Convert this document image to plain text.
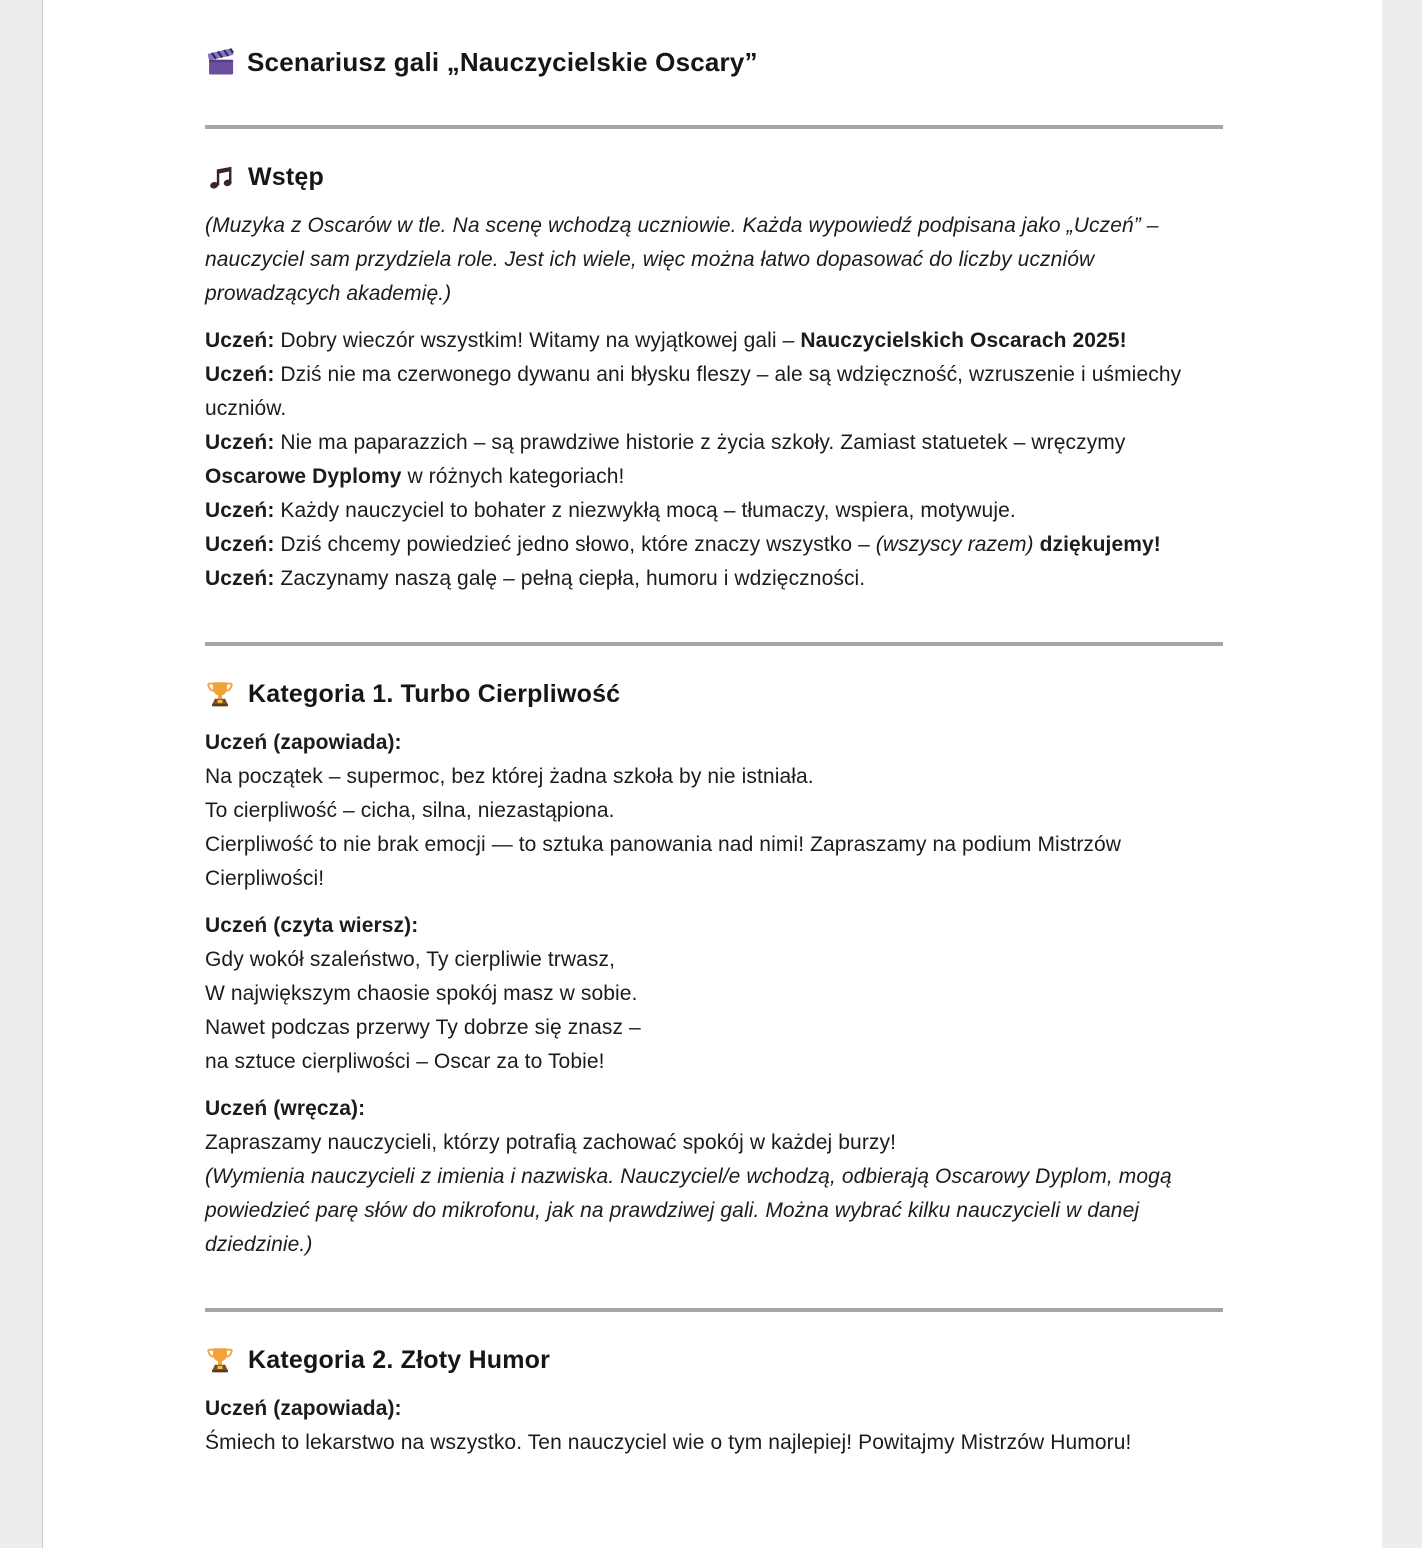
Scenariusz gali „Nauczycielskie Oscary”
Wstęp

(Muzyka z Oscarów w tle. Na scenę wchodzą uczniowie. Każda wypowiedź podpisana jako „Uczeń” – nauczyciel sam przydziela role. Jest ich wiele, więc można łatwo dopasować do liczby uczniów prowadzących akademię.)

Uczeń: Dobry wieczór wszystkim! Witamy na wyjątkowej gali – Nauczycielskich Oscarach 2025!

Uczeń: Dziś nie ma czerwonego dywanu ani błysku fleszy – ale są wdzięczność, wzruszenie i uśmiechy uczniów.

Uczeń: Nie ma paparazzich – są prawdziwe historie z życia szkoły. Zamiast statuetek – wręczymy Oscarowe Dyplomy w różnych kategoriach!

Uczeń: Każdy nauczyciel to bohater z niezwykłą mocą – tłumaczy, wspiera, motywuje.

Uczeń: Dziś chcemy powiedzieć jedno słowo, które znaczy wszystko – (wszyscy razem) dziękujemy!

Uczeń: Zaczynamy naszą galę – pełną ciepła, humoru i wdzięczności.

Kategoria 1. Turbo Cierpliwość

Uczeń (zapowiada):

Na początek – supermoc, bez której żadna szkoła by nie istniała.

To cierpliwość – cicha, silna, niezastąpiona.

Cierpliwość to nie brak emocji — to sztuka panowania nad nimi! Zapraszamy na podium Mistrzów Cierpliwości!

Uczeń (czyta wiersz):

Gdy wokół szaleństwo, Ty cierpliwie trwasz,

W największym chaosie spokój masz w sobie.

Nawet podczas przerwy Ty dobrze się znasz –

na sztuce cierpliwości – Oscar za to Tobie!

Uczeń (wręcza):

Zapraszamy nauczycieli, którzy potrafią zachować spokój w każdej burzy!

(Wymienia nauczycieli z imienia i nazwiska. Nauczyciel/e wchodzą, odbierają Oscarowy Dyplom, mogą powiedzieć parę słów do mikrofonu, jak na prawdziwej gali. Można wybrać kilku nauczycieli w danej dziedzinie.)

Kategoria 2. Złoty Humor

Uczeń (zapowiada):

Śmiech to lekarstwo na wszystko. Ten nauczyciel wie o tym najlepiej! Powitajmy Mistrzów Humoru!
